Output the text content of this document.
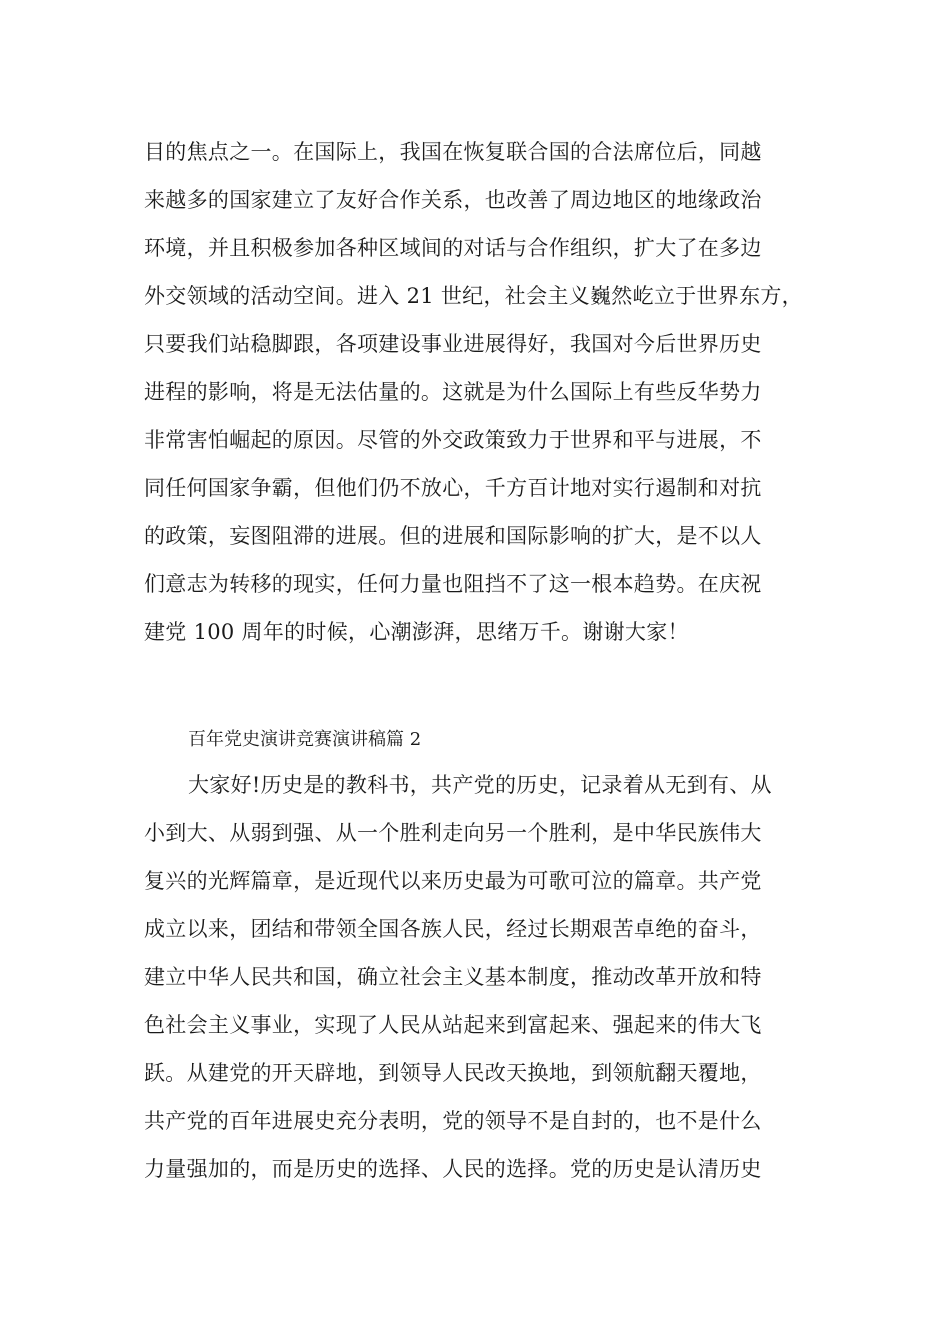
目的焦点之一。在国际上，我国在恢复联合国的合法席位后，同越

来越多的国家建立了友好合作关系，也改善了周边地区的地缘政治

环境，并且积极参加各种区域间的对话与合作组织，扩大了在多边

外交领域的活动空间。进入 21 世纪，社会主义巍然屹立于世界东方，

只要我们站稳脚跟，各项建设事业进展得好，我国对今后世界历史

进程的影响，将是无法估量的。这就是为什么国际上有些反华势力

非常害怕崛起的原因。尽管的外交政策致力于世界和平与进展，不

同任何国家争霸，但他们仍不放心，千方百计地对实行遏制和对抗

的政策，妄图阻滞的进展。但的进展和国际影响的扩大，是不以人

们意志为转移的现实，任何力量也阻挡不了这一根本趋势。在庆祝

建党 100 周年的时候，心潮澎湃，思绪万千。谢谢大家！

百年党史演讲竞赛演讲稿篇 2

大家好!历史是的教科书，共产党的历史，记录着从无到有、从

小到大、从弱到强、从一个胜利走向另一个胜利，是中华民族伟大

复兴的光辉篇章，是近现代以来历史最为可歌可泣的篇章。共产党

成立以来，团结和带领全国各族人民，经过长期艰苦卓绝的奋斗，

建立中华人民共和国，确立社会主义基本制度，推动改革开放和特

色社会主义事业，实现了人民从站起来到富起来、强起来的伟大飞

跃。从建党的开天辟地，到领导人民改天换地，到领航翻天覆地，

共产党的百年进展史充分表明，党的领导不是自封的，也不是什么

力量强加的，而是历史的选择、人民的选择。党的历史是认清历史
